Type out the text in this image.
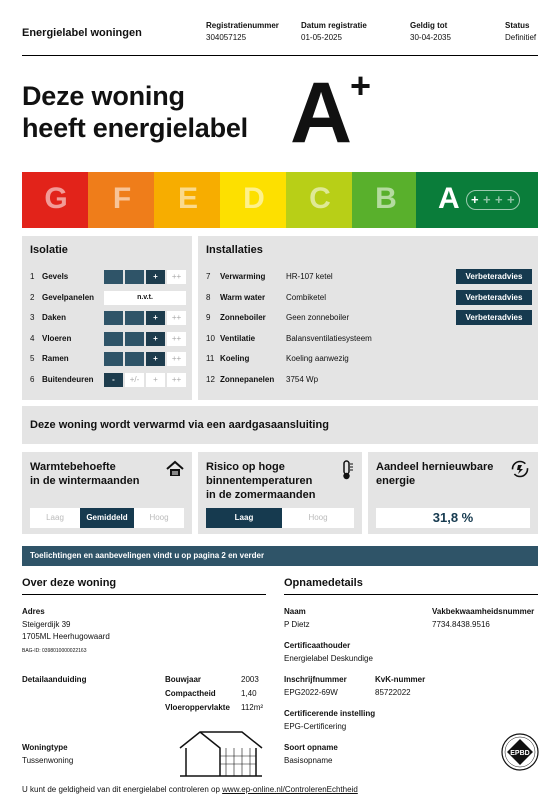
Energielabel woningen
Registratienummer
304057125
Datum registratie
01-05-2025
Geldig tot
30-04-2035
Status
Definitief
Deze woning
heeft energielabel A
+
G	F	E	D	C	B	A + + + +
Isolatie
1 Gevels	+	++
2 Gevelpanelen	n.v.t.
3 Daken	+	++
4 Vloeren	+	++
5 Ramen	+	++
6 Buitendeuren	-	+/-	+	++
Installaties
7 Verwarming	HR-107 ketel	Verbeteradvies
8 Warm water	Combiketel	Verbeteradvies
9 Zonneboiler	Geen zonneboiler	Verbeteradvies
10 Ventilatie	Balansventilatiesysteem
11 Koeling	Koeling aanwezig
12 Zonnepanelen 3754 Wp
Deze woning wordt verwarmd via een aardgasaansluiting
Warmtebehoefte
in de wintermaanden
Laag	Gemiddeld	Hoog
Risico op hoge
binnentemperaturen
in de zomermaanden
Laag	Hoog
Aandeel hernieuwbare
energie
31,8 %
Toelichtingen en aanbevelingen vindt u op pagina 2 en verder
Over deze woning
Adres
Steigerdijk 39
1705ML Heerhugowaard
BAG-ID: 0398010000022163
Detailaanduiding	Bouwjaar	2003
Compactheid	1,40
Vloeroppervlakte 112m²
Woningtype
Tussenwoning
Opnamedetails
Naam
P Dietz
Vakbekwaamheidsnummer
7734.8438.9516
Certificaathouder
Energielabel Deskundige
Inschrijfnummer
EPG2022-69W
KvK-nummer
85722022
Certificerende instelling
EPG-Certificering
Soort opname
Basisopname
EPBD
U kunt de geldigheid van dit energielabel controleren op www.ep-online.nl/ControlerenEchtheid
